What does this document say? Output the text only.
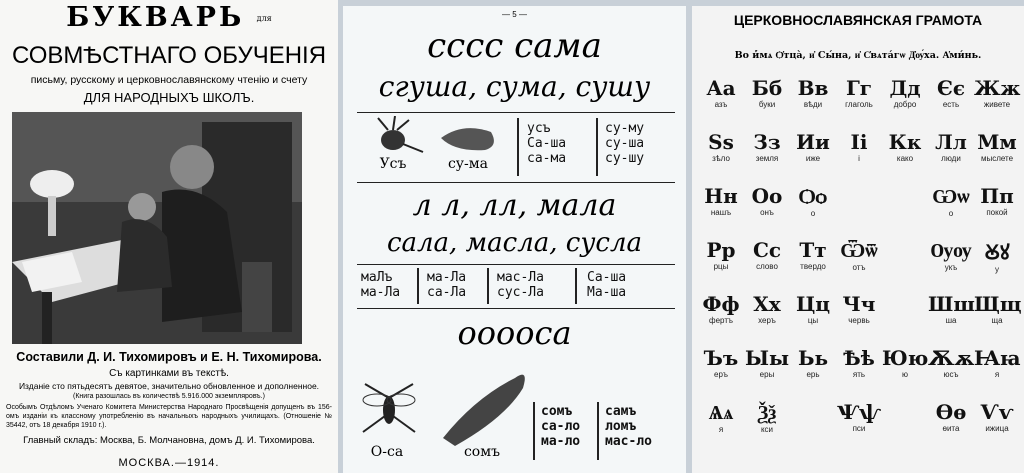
БУКВАРЬ для
СОВМѢСТНАГО ОБУЧЕНІЯ
письму, русскому и церковнославянскому чтенію и счету
ДЛЯ НАРОДНЫХЪ ШКОЛЪ.
Составили Д. И. Тихомировъ и Е. Н. Тихомирова.
Съ картинками въ текстѣ.
Изданіе сто пятьдесятъ девятое, значительно обновленное и дополненное.
(Книга разошлась въ количествѣ 5.916.000 экземпляровъ.)
Особымъ Отдѣломъ Ученаго Комитета Министерства Народнаго Просвѣщенія допущенъ въ 156-омъ изданіи къ классному употребленію въ начальныхъ народныхъ училищахъ. (Отношеніе № 35442, отъ 18 декабря 1910 г.).
Главный складъ: Москва, Б. Молчановна, домъ Д. И. Тихомирова.
МОСКВА.—1914.
— 5 —
сссс сама
сгуша, сума, сушу
Усъ	су-ма
усъ
Са-ша
са-ма
су-му
су-ша
су-шу
л л, лл, мала
сала, масла, сусла
маЛъ
ма-Ла
ма-Ла
са-Ла
мас-Ла
сус-Ла
Са-ша
Ма-ша
ооооса
О-са	сомъ
сомъ
са-ло
ма-ло
самъ
ломъ
мас-ло
ЦЕРКОВНОСЛАВЯНСКАЯ ГРАМОТА
Во и̓́мѧ Ѻ҆тца̀, и҆ Сы́на, и҆ С҆вѧта́гѡ Д҆ѹ́ха. А҆ми́нь.
Аа
азъ
Бб
буки
Вв
вѣди
Гг
глаголь
Дд
добро
Єє
есть
Жж
живете
Ѕѕ
зѣло
Зз
земля
Ии
иже
Іі
і
Кк
како
Лл
люди
Мм
мыслете
Нн
нашъ
Оо
онъ
Ѻѻ
о
Ѡѡ
о
Пп
покой
Рр
рцы
Сс
слово
Тт
твердо
Ѿѿ
отъ
Ѹѹ
укъ
Ꙋꙋ
у
Фф
фертъ
Хх
херъ
Цц
цы
Чч
червь
Шш
ша
Щщ
ща
Ъъ
еръ
Ыы
еры
Ьь
ерь
Ѣѣ
ять
Юю
ю
Ѫѫ
юсъ
Ꙗꙗ
я
Ѧѧ
я
Ѯѯ
кси
Ѱѱ
пси
Ѳѳ
ѳита
Ѵѵ
ижица
